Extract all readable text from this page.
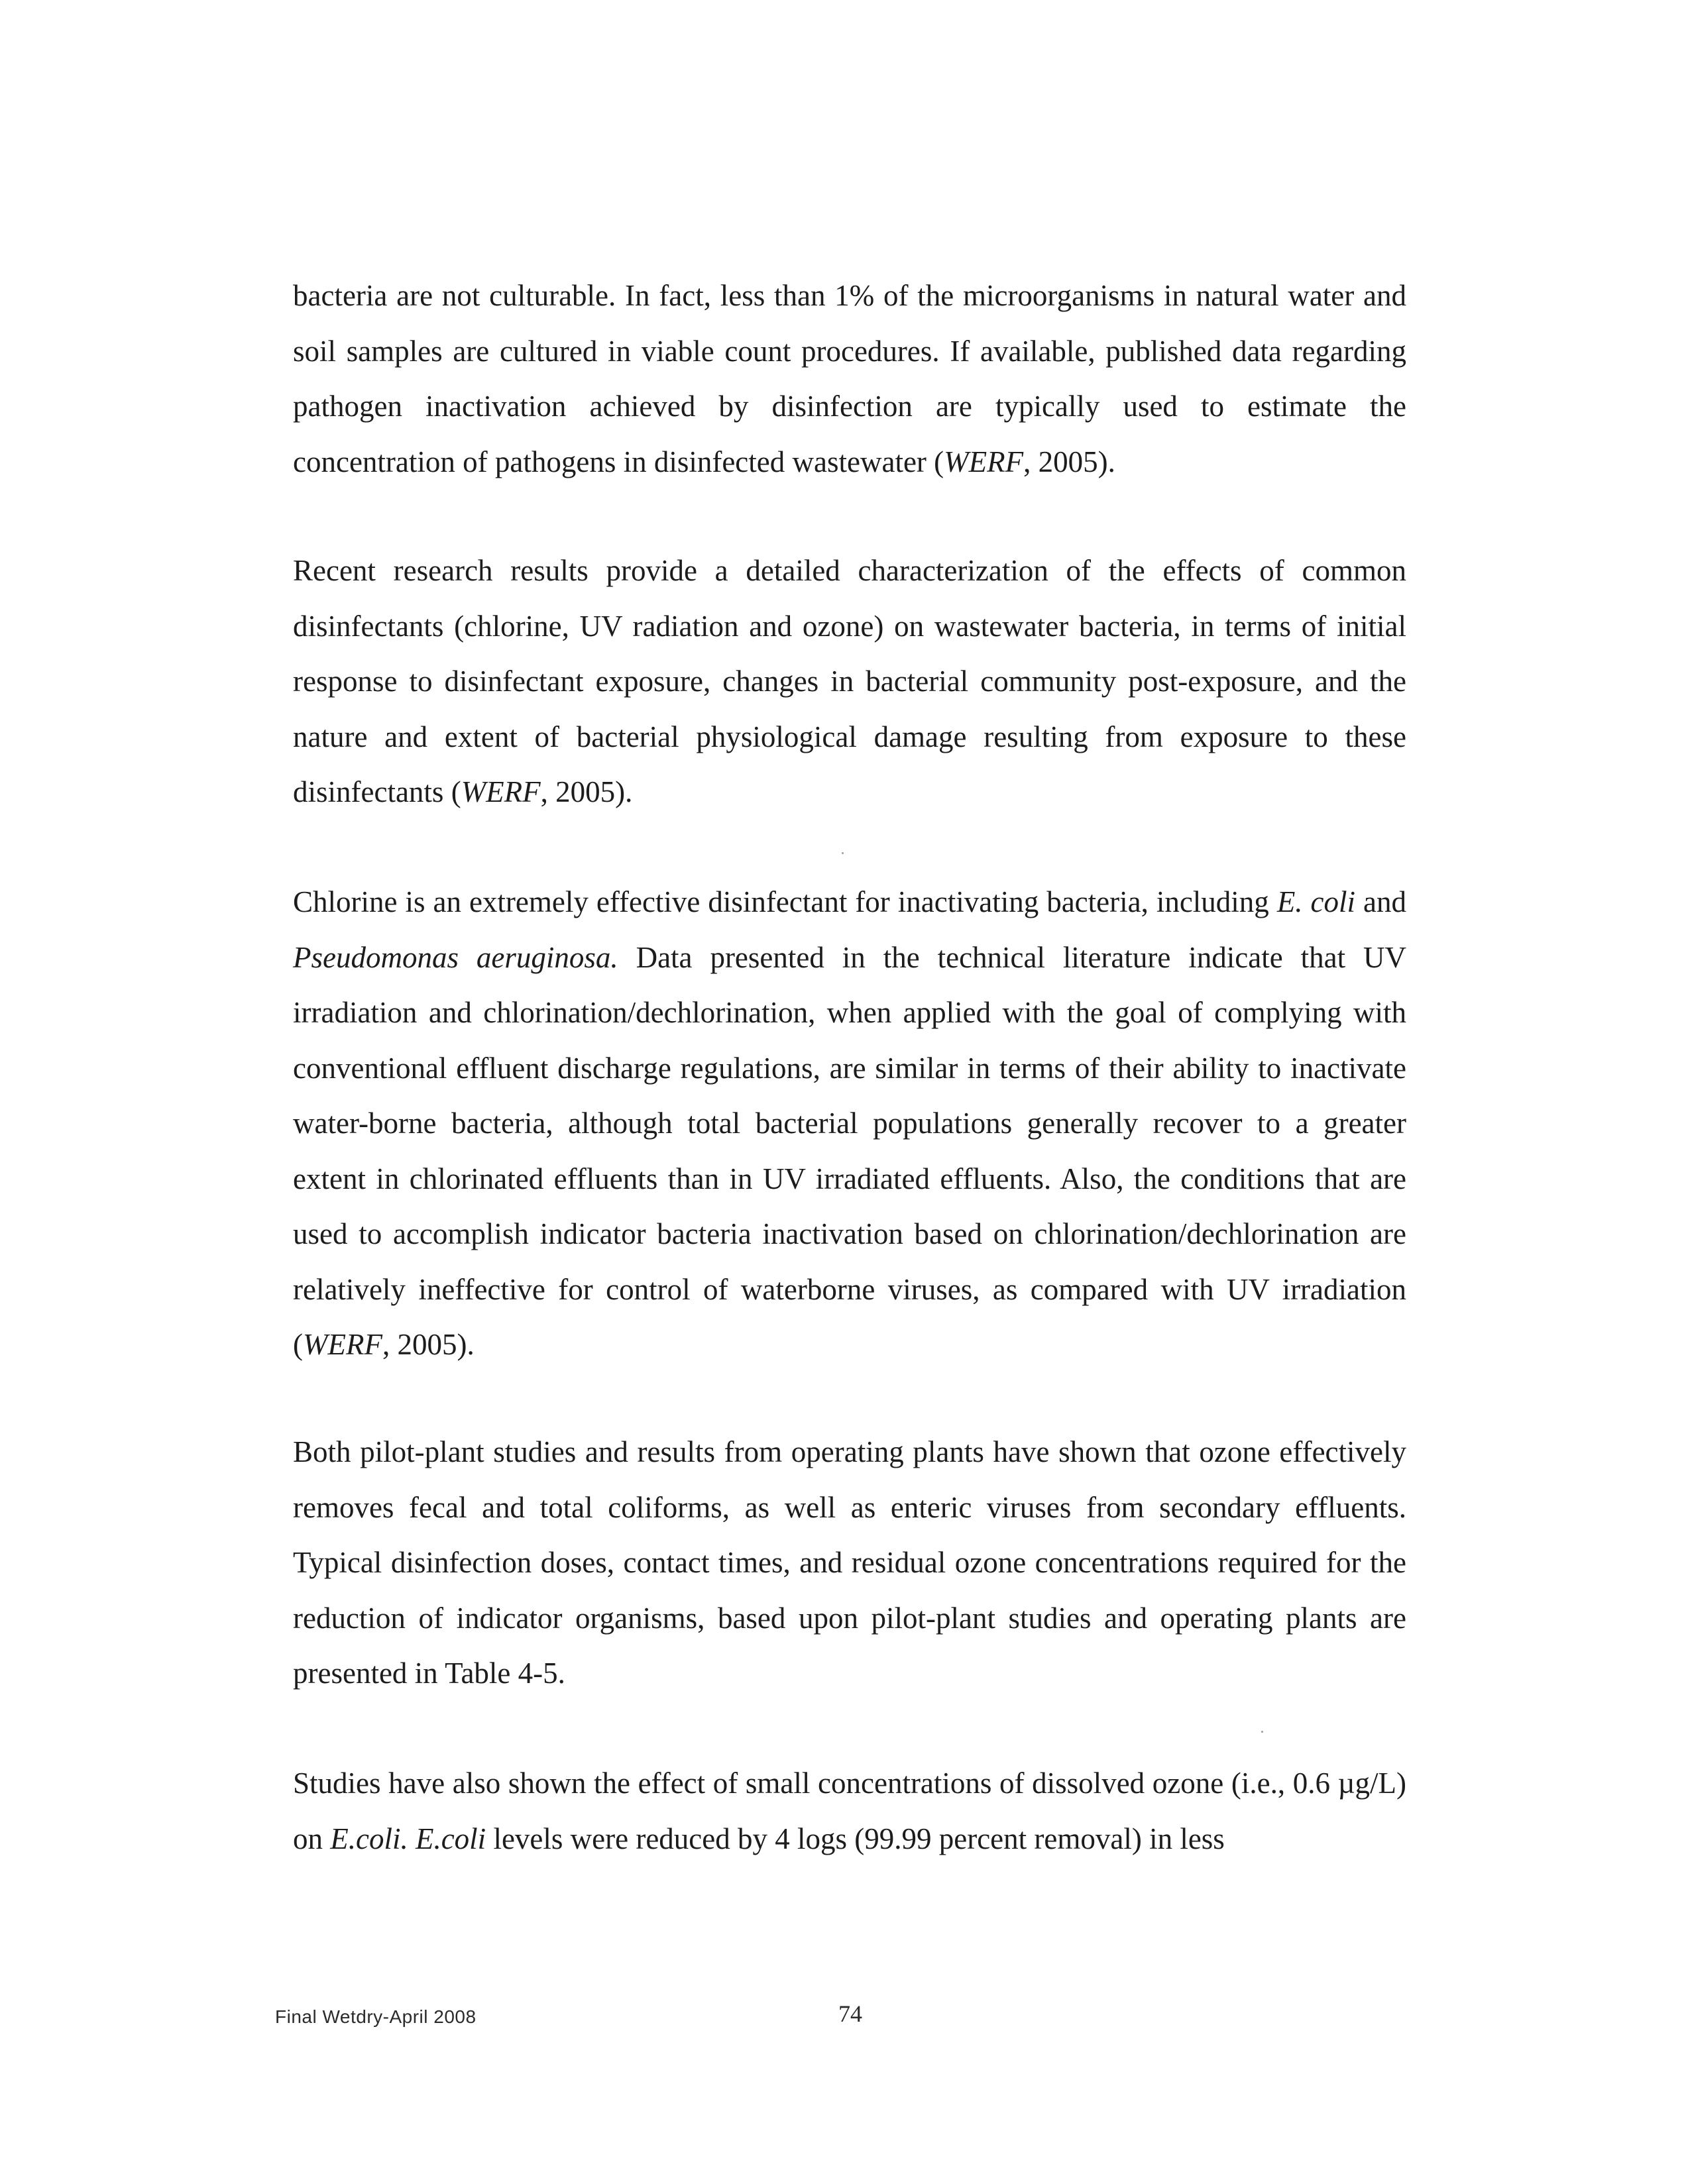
bacteria are not culturable. In fact, less than 1% of the microorganisms in natural water and soil samples are cultured in viable count procedures. If available, published data regarding pathogen inactivation achieved by disinfection are typically used to estimate the concentration of pathogens in disinfected wastewater (WERF, 2005).

Recent research results provide a detailed characterization of the effects of common disinfectants (chlorine, UV radiation and ozone) on wastewater bacteria, in terms of initial response to disinfectant exposure, changes in bacterial community post-exposure, and the nature and extent of bacterial physiological damage resulting from exposure to these disinfectants (WERF, 2005).

Chlorine is an extremely effective disinfectant for inactivating bacteria, including E. coli and Pseudomonas aeruginosa. Data presented in the technical literature indicate that UV irradiation and chlorination/dechlorination, when applied with the goal of complying with conventional effluent discharge regulations, are similar in terms of their ability to inactivate water-borne bacteria, although total bacterial populations generally recover to a greater extent in chlorinated effluents than in UV irradiated effluents. Also, the conditions that are used to accomplish indicator bacteria inactivation based on chlorination/dechlorination are relatively ineffective for control of waterborne viruses, as compared with UV irradiation (WERF, 2005).

Both pilot-plant studies and results from operating plants have shown that ozone effectively removes fecal and total coliforms, as well as enteric viruses from secondary effluents. Typical disinfection doses, contact times, and residual ozone concentrations required for the reduction of indicator organisms, based upon pilot-plant studies and operating plants are presented in Table 4-5.

Studies have also shown the effect of small concentrations of dissolved ozone (i.e., 0.6 µg/L) on E.coli. E.coli levels were reduced by 4 logs (99.99 percent removal) in less

Final Wetdry-April 2008	74
